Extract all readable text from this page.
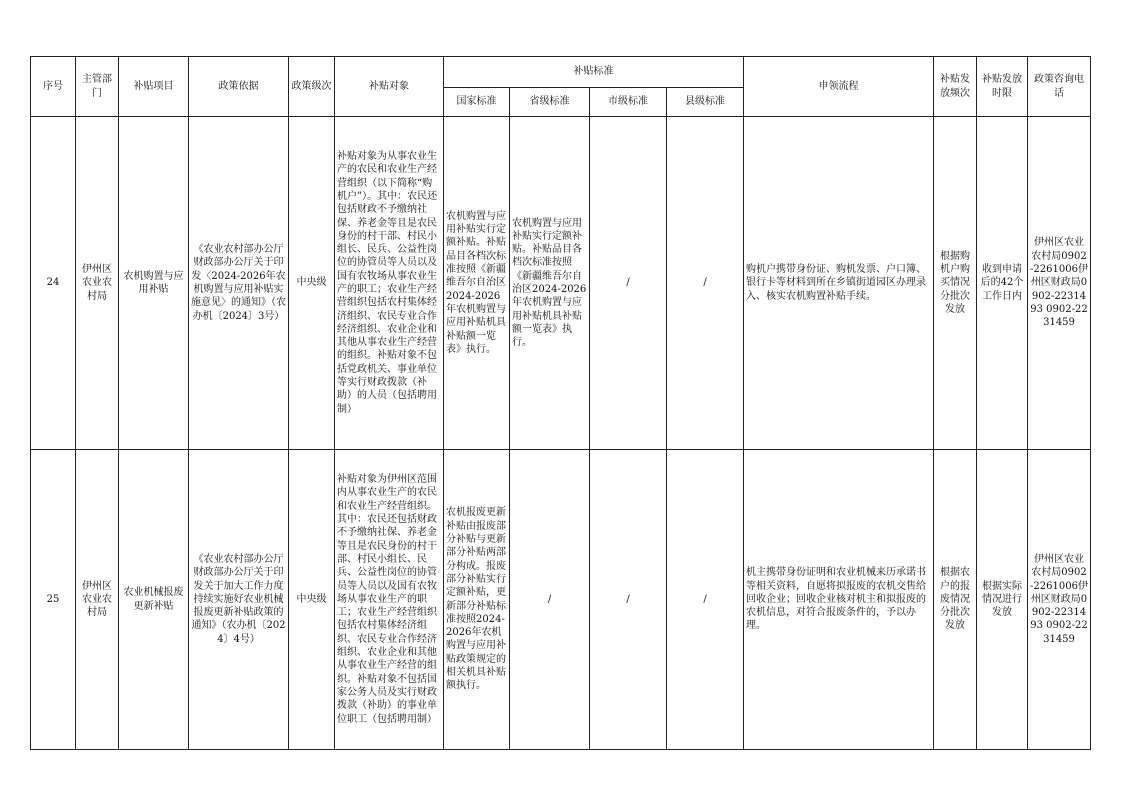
序号	主管部门	补贴项目	政策依据	政策级次	补贴对象	补贴标准				申领流程	补贴发放频次	补贴发放时限	政策咨询电话
						国家标准	省级标准	市级标准	县级标准				
24	伊州区农业农村局	农机购置与应用补贴	《农业农村部办公厅 财政部办公厅关于印发〈2024-2026年农机购置与应用补贴实施意见〉的通知》（农办机〔2024〕3号）	中央级	补贴对象为从事农业生产的农民和农业生产经营组织（以下简称“购机户”）。其中：农民还包括财政不予缴纳社保、养老金等且是农民身份的村干部、村民小组长、民兵、公益性岗位的协管员等人员以及国有农牧场从事农业生产的职工；农业生产经营组织包括农村集体经济组织、农民专业合作经济组织、农业企业和其他从事农业生产经营的组织。补贴对象不包括党政机关、事业单位等实行财政拨款（补助）的人员（包括聘用制）	农机购置与应用补贴实行定额补贴。补贴品目各档次标准按照《新疆维吾尔自治区2024-2026年农机购置与应用补贴机具补贴额一览表》执行。	农机购置与应用补贴实行定额补贴。补贴品目各档次标准按照《新疆维吾尔自治区2024-2026年农机购置与应用补贴机具补贴额一览表》执行。	/	/	购机户携带身份证、购机发票、户口簿、银行卡等材料到所在乡镇街道园区办理录入、核实农机购置补贴手续。	根据购机户购买情况分批次发放	收到申请后的42个工作日内	伊州区农业农村局0902-2261006伊州区财政局0902-2231493 0902-2231459
25	伊州区农业农村局	农业机械报废更新补贴	《农业农村部办公厅 财政部办公厅关于印发关于加大工作力度持续实施好农业机械报废更新补贴政策的通知》（农办机〔2024〕4号）	中央级	补贴对象为伊州区范围内从事农业生产的农民和农业生产经营组织。其中：农民还包括财政不予缴纳社保、养老金等且是农民身份的村干部、村民小组长、民兵、公益性岗位的协管员等人员以及国有农牧场从事农业生产的职工；农业生产经营组织包括农村集体经济组织、农民专业合作经济组织、农业企业和其他从事农业生产经营的组织。补贴对象不包括国家公务人员及实行财政拨款（补助）的事业单位职工（包括聘用制）	农机报废更新补贴由报废部分补贴与更新部分补贴两部分构成。报废部分补贴实行定额补贴，更新部分补贴标准按照2024-2026年农机购置与应用补贴政策规定的相关机具补贴额执行。	/	/	/	机主携带身份证明和农业机械来历承诺书等相关资料，自愿将拟报废的农机交售给回收企业；回收企业核对机主和拟报废的农机信息，对符合报废条件的，予以办理。	根据农户的报废情况分批次发放	根据实际情况进行发放	伊州区农业农村局0902-2261006伊州区财政局0902-2231493 0902-2231459
